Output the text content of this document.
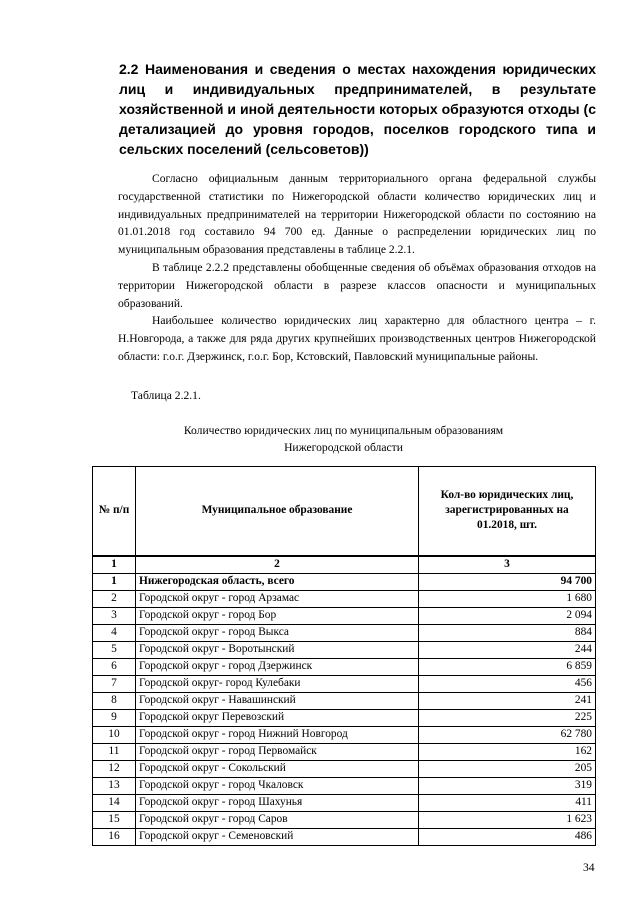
2.2 Наименования и сведения о местах нахождения юридических лиц и индивидуальных предпринимателей, в результате хозяйственной и иной деятельности которых образуются отходы (с детализацией до уровня городов, поселков городского типа и сельских поселений (сельсоветов))

Согласно официальным данным территориального органа федеральной службы государственной статистики по Нижегородской области количество юридических лиц и индивидуальных предпринимателей на территории Нижегородской области по состоянию на 01.01.2018 год составило 94 700 ед. Данные о распределении юридических лиц по муниципальным образования представлены в таблице 2.2.1.

В таблице 2.2.2 представлены обобщенные сведения об объёмах образования отходов на территории Нижегородской области в разрезе классов опасности и муниципальных образований.

Наибольшее количество юридических лиц характерно для областного центра – г. Н.Новгорода, а также для ряда других крупнейших производственных центров Нижегородской области: г.о.г. Дзержинск, г.о.г. Бор, Кстовский, Павловский муниципальные районы.

Таблица 2.2.1.
Количество юридических лиц по муниципальным образованиям
Нижегородской области
№ п/п	Муниципальное образование	Кол-во юридических лиц, зарегистрированных на 01.2018, шт.
1	2	3
1	Нижегородская область, всего	94 700
2	Городской округ - город Арзамас	1 680
3	Городской округ - город Бор	2 094
4	Городской округ - город Выкса	884
5	Городской округ - Воротынский	244
6	Городской округ - город Дзержинск	6 859
7	Городской округ- город Кулебаки	456
8	Городской округ - Навашинский	241
9	Городской округ Перевозский	225
10	Городской округ - город Нижний Новгород	62 780
11	Городской округ - город Первомайск	162
12	Городской округ - Сокольский	205
13	Городской округ - город Чкаловск	319
14	Городской округ - город Шахунья	411
15	Городской округ - город Саров	1 623
16	Городской округ - Семеновский	486
34
